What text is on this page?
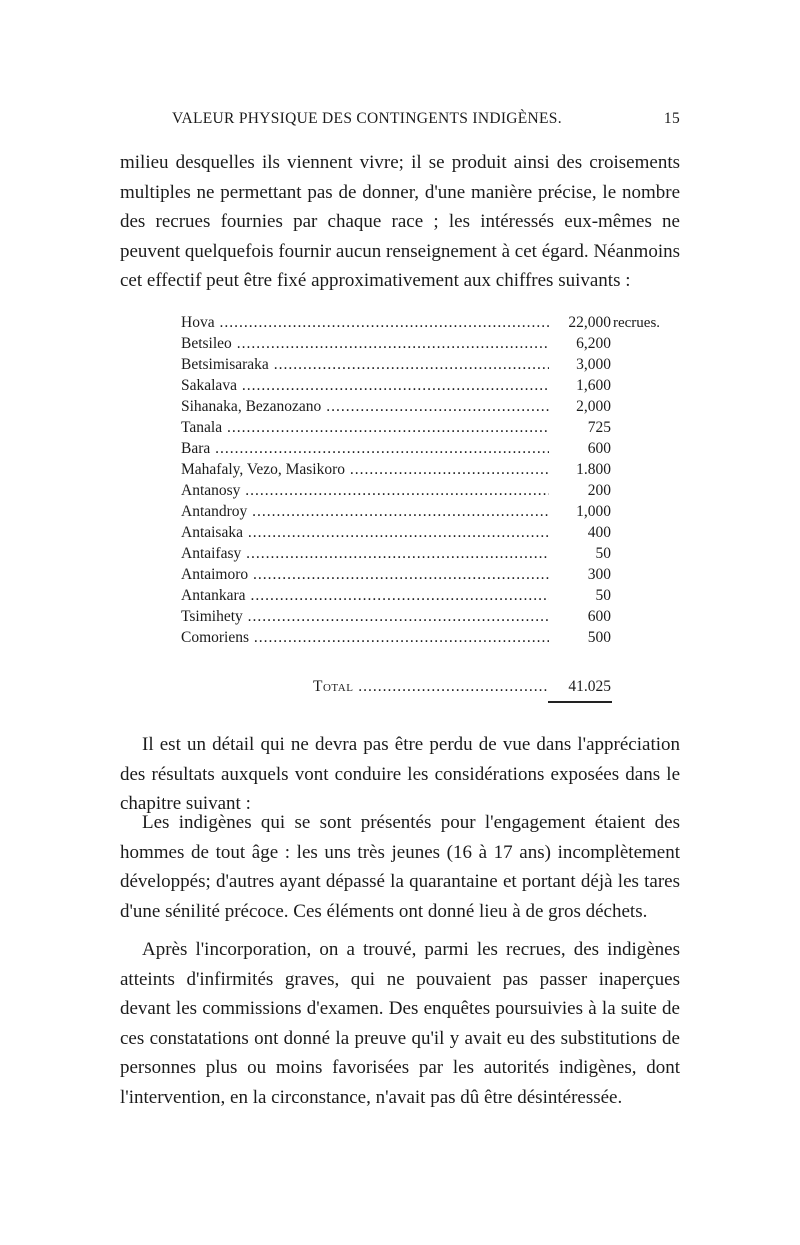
VALEUR PHYSIQUE DES CONTINGENTS INDIGÈNES.	15

milieu desquelles ils viennent vivre; il se produit ainsi des croisements multiples ne permettant pas de donner, d'une manière précise, le nombre des recrues fournies par chaque race ; les intéressés eux-mêmes ne peuvent quelquefois fournir aucun renseignement à cet égard. Néanmoins cet effectif peut être fixé approximativement aux chiffres suivants :

Hova .....	22,000 recrues.
Betsileo .....	6,200
Betsimisaraka .....	3,000
Sakalava .....	1,600
Sihanaka, Bezanozano .....	2,000
Tanala .....	725
Bara .....	600
Mahafaly, Vezo, Masikoro .....	1.800
Antanosy .....	200
Antandroy .....	1,000
Antaisaka .....	400
Antaifasy .....	50
Antaimoro .....	300
Antankara .....	50
Tsimihety .....	600
Comoriens .....	500
Total .....	41.025

Il est un détail qui ne devra pas être perdu de vue dans l'appréciation des résultats auxquels vont conduire les considérations exposées dans le chapitre suivant :

Les indigènes qui se sont présentés pour l'engagement étaient des hommes de tout âge : les uns très jeunes (16 à 17 ans) incomplètement développés; d'autres ayant dépassé la quarantaine et portant déjà les tares d'une sénilité précoce. Ces éléments ont donné lieu à de gros déchets.

Après l'incorporation, on a trouvé, parmi les recrues, des indigènes atteints d'infirmités graves, qui ne pouvaient pas passer inaperçues devant les commissions d'examen. Des enquêtes poursuivies à la suite de ces constatations ont donné la preuve qu'il y avait eu des substitutions de personnes plus ou moins favorisées par les autorités indigènes, dont l'intervention, en la circonstance, n'avait pas dû être désintéressée.
